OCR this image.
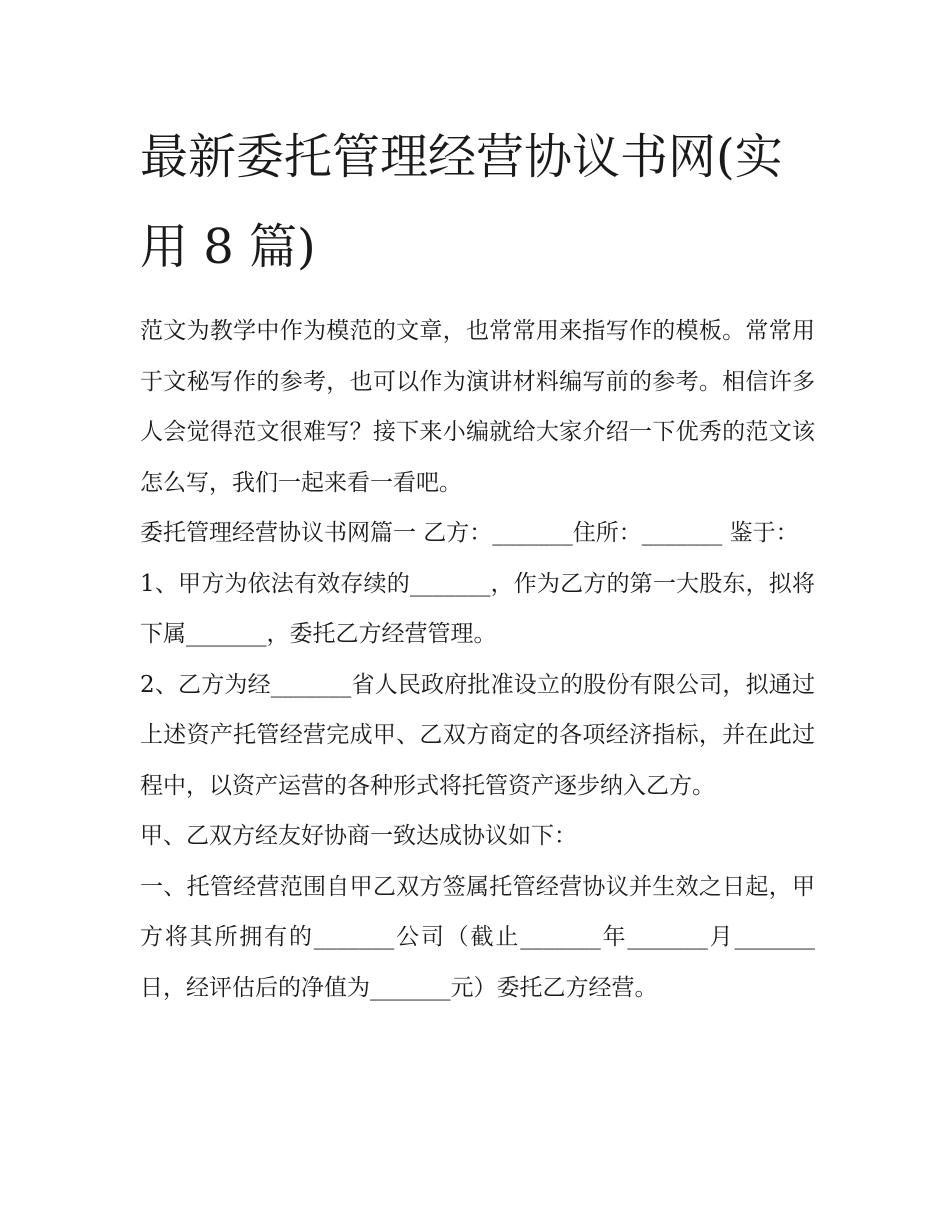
最新委托管理经营协议书网(实用 8 篇)

范文为教学中作为模范的文章，也常常用来指写作的模板。常常用于文秘写作的参考，也可以作为演讲材料编写前的参考。相信许多人会觉得范文很难写？接下来小编就给大家介绍一下优秀的范文该怎么写，我们一起来看一看吧。

委托管理经营协议书网篇一 乙方：_______住所：_______ 鉴于：

1、甲方为依法有效存续的_______，作为乙方的第一大股东，拟将下属_______，委托乙方经营管理。

2、乙方为经_______省人民政府批准设立的股份有限公司，拟通过上述资产托管经营完成甲、乙双方商定的各项经济指标，并在此过程中，以资产运营的各种形式将托管资产逐步纳入乙方。

甲、乙双方经友好协商一致达成协议如下：

一、托管经营范围自甲乙双方签属托管经营协议并生效之日起，甲方将其所拥有的_______公司（截止_______年_______月_______日，经评估后的净值为_______元）委托乙方经营。
